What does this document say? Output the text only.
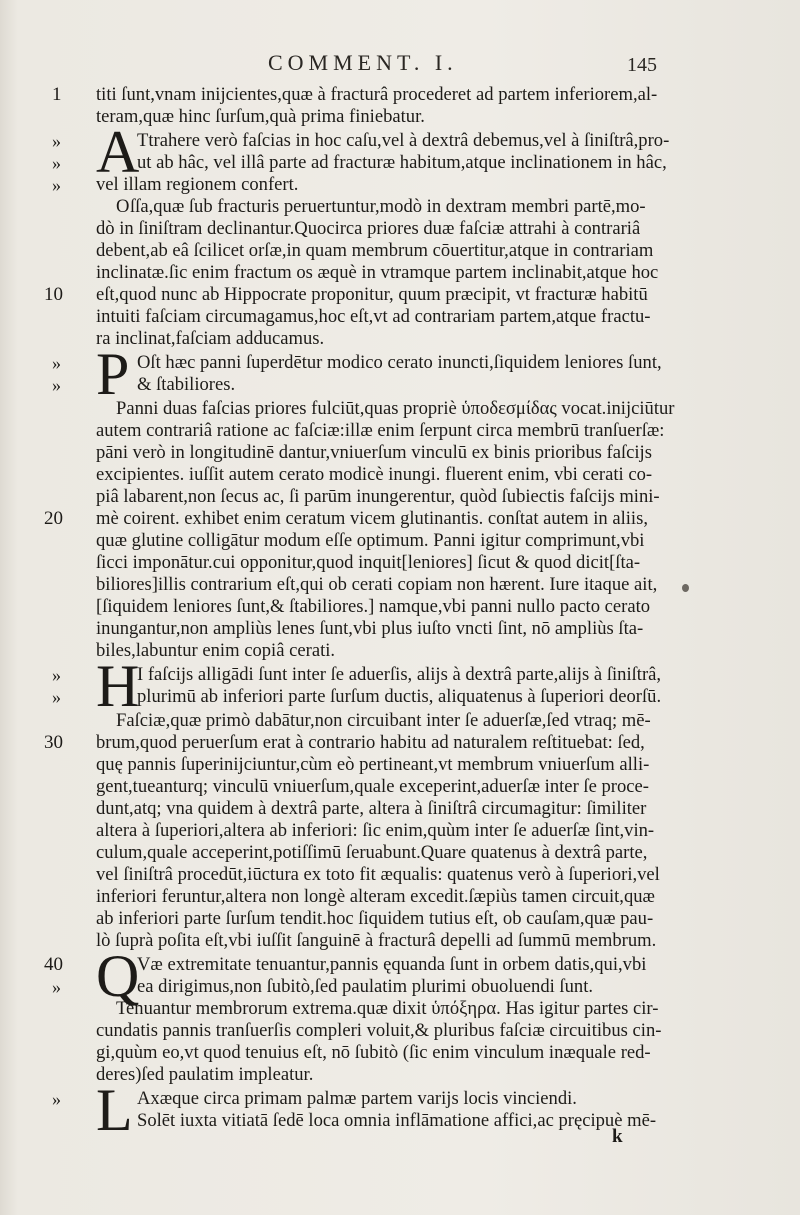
COMMENT. I.	145
1	titi ſunt,vnam inijcientes,quæ à fracturâ procederet ad partem inferiorem,al-
teram,quæ hinc ſurſum,quà prima finiebatur.
A
»	Ttrahere verò faſcias in hoc caſu,vel à dextrâ debemus,vel à ſiniſtrâ,pro-
»	ut ab hâc, vel illâ parte ad fracturæ habitum,atque inclinationem in hâc,
»	vel illam regionem confert.
O ſſa,quæ ſub fracturis peruertuntur,modò in dextram membri partē,mo-
dò in ſiniſtram declinantur.Quocirca priores duæ faſciæ attrahi à contrariâ
debent,ab eâ ſcilicet orſæ,in quam membrum cōuertitur,atque in contrariam
inclinatæ.ſic enim fractum os æquè in vtramque partem inclinabit,atque hoc
10	eſt,quod nunc ab Hippocrate proponitur, quum præcipit, vt fracturæ habitū
intuiti faſciam circumagamus,hoc eſt,vt ad contrariam partem,atque fractu-
ra inclinat,faſciam adducamus.
P
»	Oſt hæc panni ſuperdētur modico cerato inuncti,ſiquidem leniores ſunt,
»	& ſtabiliores.
Panni duas faſcias priores fulciūt,quas propriè ὑποδεσμίδας vocat.inijciūtur
autem contrariâ ratione ac faſciæ:illæ enim ſerpunt circa membrū tranſuerſæ:
pāni verò in longitudinē dantur,vniuerſum vinculū ex binis prioribus faſcijs
excipientes. iuſſit autem cerato modicè inungi. fluerent enim, vbi cerati co-
piâ labarent,non ſecus ac, ſi parūm inungerentur, quòd ſubiectis faſcijs mini-
20	mè coirent. exhibet enim ceratum vicem glutinantis. conſtat autem in aliis,
quæ glutine colligātur modum eſſe optimum. Panni igitur comprimunt,vbi
ſicci imponātur.cui opponitur,quod inquit[leniores] ſicut & quod dicit[ſta-
biliores]illis contrarium eſt,qui ob cerati copiam non hærent. Iure itaque ait,
[ſiquidem leniores ſunt,& ſtabiliores.] namque,vbi panni nullo pacto cerato
inungantur,non ampliùs lenes ſunt,vbi plus iuſto vncti ſint, nō ampliùs ſta-
biles,labuntur enim copiâ cerati.
H
»	I faſcijs alligādi ſunt inter ſe aduerſis, alijs à dextrâ parte,alijs à ſiniſtrâ,
»	plurimū ab inferiori parte ſurſum ductis, aliquatenus à ſuperiori deorſū.
Faſciæ,quæ primò dabātur,non circuibant inter ſe aduerſæ,ſed vtraq; mē-
30	brum,quod peruerſum erat à contrario habitu ad naturalem reſtituebat: ſed,
quę pannis ſuperinijciuntur,cùm eò pertineant,vt membrum vniuerſum alli-
gent,tueanturq; vinculū vniuerſum,quale exceperint,aduerſæ inter ſe proce-
dunt,atq; vna quidem à dextrâ parte, altera à ſiniſtrâ circumagitur: ſimiliter
altera à ſuperiori,altera ab inferiori: ſic enim,quùm inter ſe aduerſæ ſint,vin-
culum,quale acceperint,potiſſimū ſeruabunt.Quare quatenus à dextrâ parte,
vel ſiniſtrâ procedūt,iūctura ex toto fit æqualis: quatenus verò à ſuperiori,vel
inferiori feruntur,altera non longè alteram excedit.ſæpiùs tamen circuit,quæ
ab inferiori parte ſurſum tendit.hoc ſiquidem tutius eſt, ob cauſam,quæ pau-
lò ſuprà poſita eſt,vbi iuſſit ſanguinē à fracturâ depelli ad ſummū membrum.
Q
40	Væ extremitate tenuantur,pannis ęquanda ſunt in orbem datis,qui,vbi
»	ea dirigimus,non ſubitò,ſed paulatim plurimi obuoluendi ſunt.
Tenuantur membrorum extrema.quæ dixit ὑπόξηρα. Has igitur partes cir-
cundatis pannis tranſuerſis compleri voluit,& pluribus faſciæ circuitibus cin-
gi,quùm eo,vt quod tenuius eſt, nō ſubitò (ſic enim vinculum inæquale red-
deres)ſed paulatim impleatur.
L
»	Axæque circa primam palmæ partem varijs locis vinciendi.
Solēt iuxta vitiatā ſedē loca omnia inflāmatione affici,ac pręcipuè mē-
k
